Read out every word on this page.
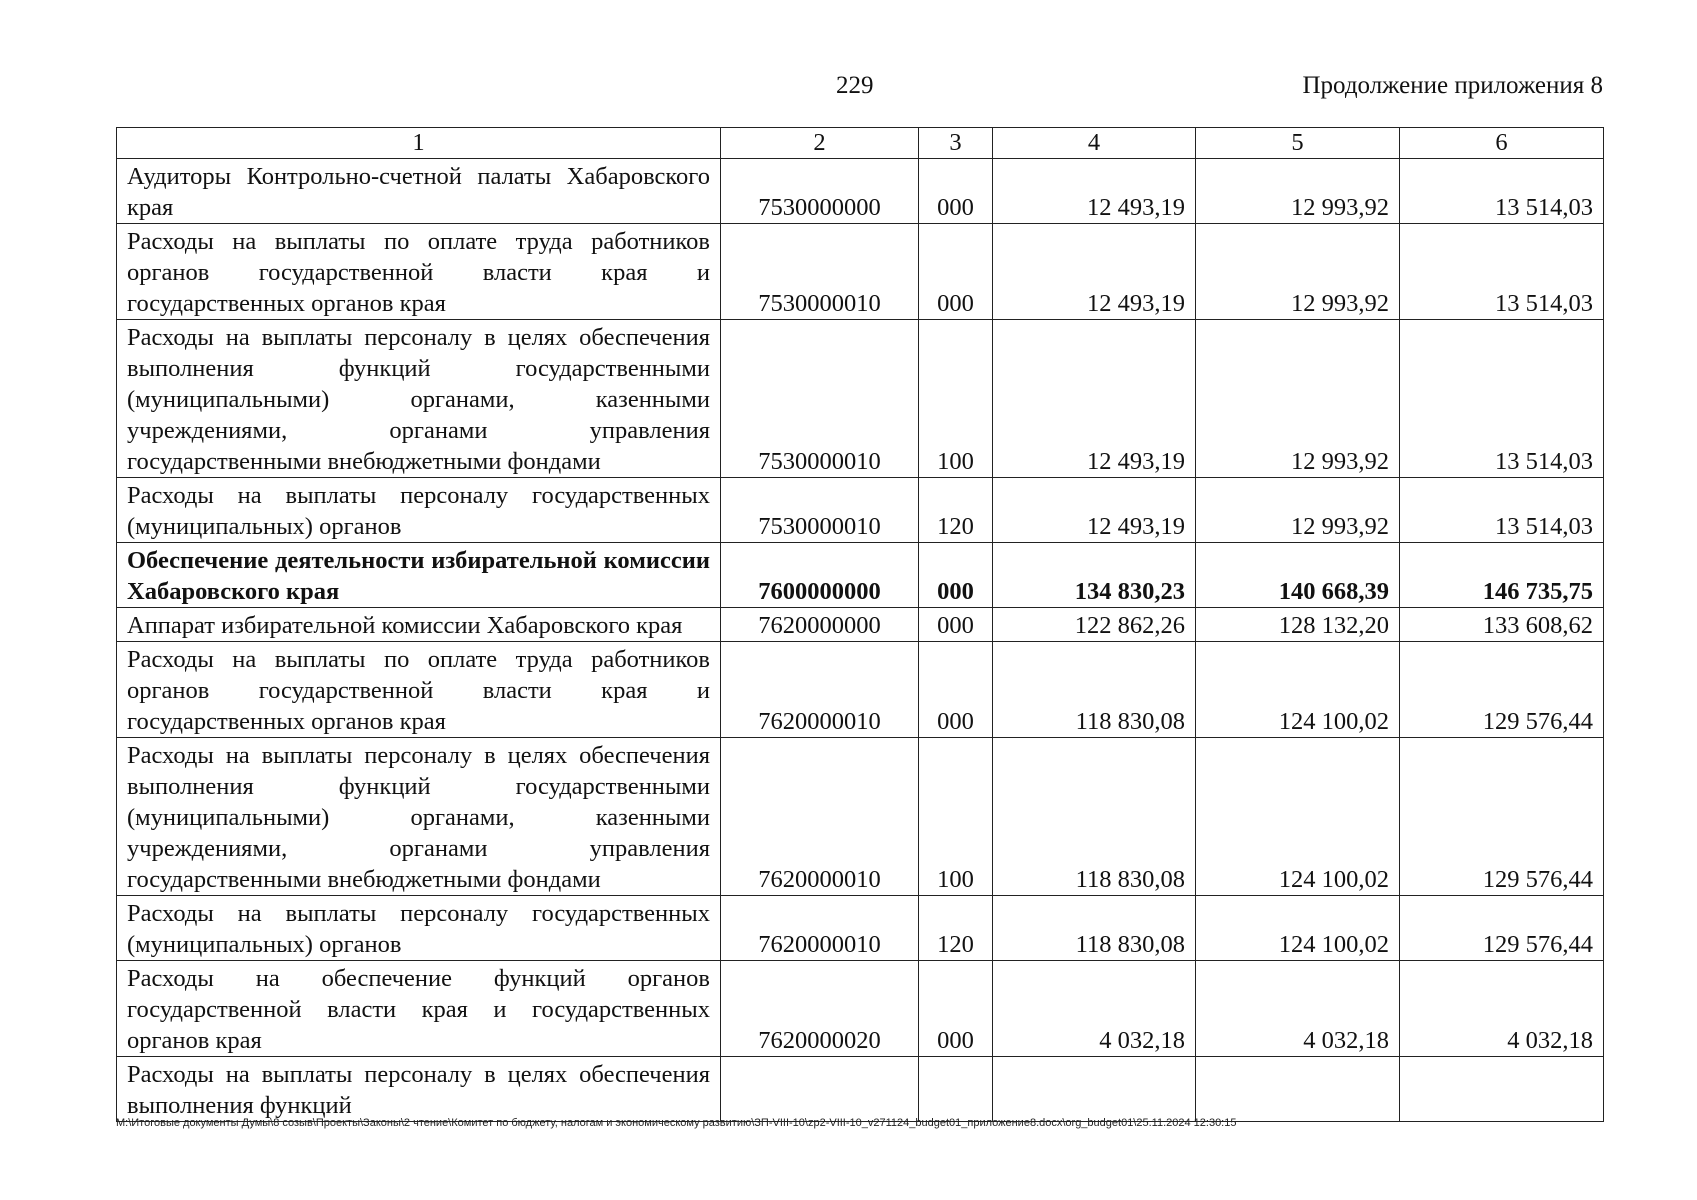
229	Продолжение приложения 8
1	2	3	4	5	6
Аудиторы Контрольно-счетной палаты Хабаровского края	7530000000	000	12 493,19	12 993,92	13 514,03
Расходы на выплаты по оплате труда работников органов государственной власти края и государственных органов края	7530000010	000	12 493,19	12 993,92	13 514,03
Расходы на выплаты персоналу в целях обеспечения выполнения функций государственными (муниципальными) органами, казенными учреждениями, органами управления государственными внебюджетными фондами	7530000010	100	12 493,19	12 993,92	13 514,03
Расходы на выплаты персоналу государственных (муниципальных) органов	7530000010	120	12 493,19	12 993,92	13 514,03
Обеспечение деятельности избирательной комиссии Хабаровского края	7600000000	000	134 830,23	140 668,39	146 735,75
Аппарат избирательной комиссии Хабаровского края	7620000000	000	122 862,26	128 132,20	133 608,62
Расходы на выплаты по оплате труда работников органов государственной власти края и государственных органов края	7620000010	000	118 830,08	124 100,02	129 576,44
Расходы на выплаты персоналу в целях обеспечения выполнения функций государственными (муниципальными) органами, казенными учреждениями, органами управления государственными внебюджетными фондами	7620000010	100	118 830,08	124 100,02	129 576,44
Расходы на выплаты персоналу государственных (муниципальных) органов	7620000010	120	118 830,08	124 100,02	129 576,44
Расходы на обеспечение функций органов государственной власти края и государственных органов края	7620000020	000	4 032,18	4 032,18	4 032,18
Расходы на выплаты персоналу в целях обеспечения выполнения функций					
M:\Итоговые документы Думы\8 созыв\Проекты\Законы\2 чтение\Комитет по бюджету, налогам и экономическому развитию\ЗП-VIII-10\zp2-VIII-10_v271124_budget01_приложение8.docx\org_budget01\25.11.2024 12:30:15
